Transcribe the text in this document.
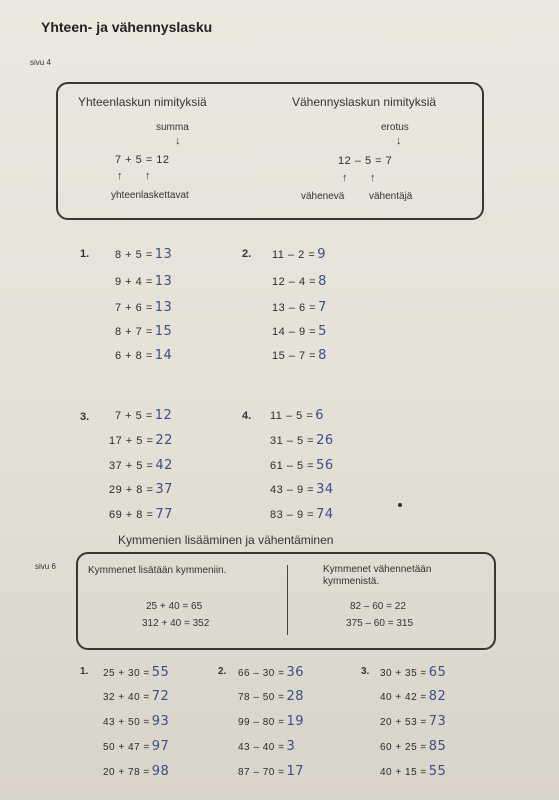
Yhteen- ja vähennyslasku
sivu 4
Yhteenlaskun nimityksiä	Vähennyslaskun nimityksiä
summa
↓
7 + 5 = 12
↑ ↑
yhteenlaskettavat
erotus
↓
12 – 5 = 7
↑ ↑
vähenevä vähentäjä
1. 8 + 5 = 13
9 + 4 = 13
7 + 6 = 13
8 + 7 = 15
6 + 8 = 14
2. 11 – 2 = 9
12 – 4 = 8
13 – 6 = 7
14 – 9 = 5
15 – 7 = 8
3. 7 + 5 = 12
17 + 5 = 22
37 + 5 = 42
29 + 8 = 37
69 + 8 = 77
4. 11 – 5 = 6
31 – 5 = 26
61 – 5 = 56
43 – 9 = 34
83 – 9 = 74
Kymmenien lisääminen ja vähentäminen
sivu 6	Kymmenet lisätään kymmeniin.
25 + 40 = 65
312 + 40 = 352
Kymmenet vähennetään
kymmenistä.
82 – 60 = 22
375 – 60 = 315
1. 25 + 30 = 55
32 + 40 = 72
43 + 50 = 93
50 + 47 = 97
20 + 78 = 98
2. 66 – 30 = 36
78 – 50 = 28
99 – 80 = 19
43 – 40 = 3
87 – 70 = 17
3. 30 + 35 = 65
40 + 42 = 82
20 + 53 = 73
60 + 25 = 85
40 + 15 = 55
